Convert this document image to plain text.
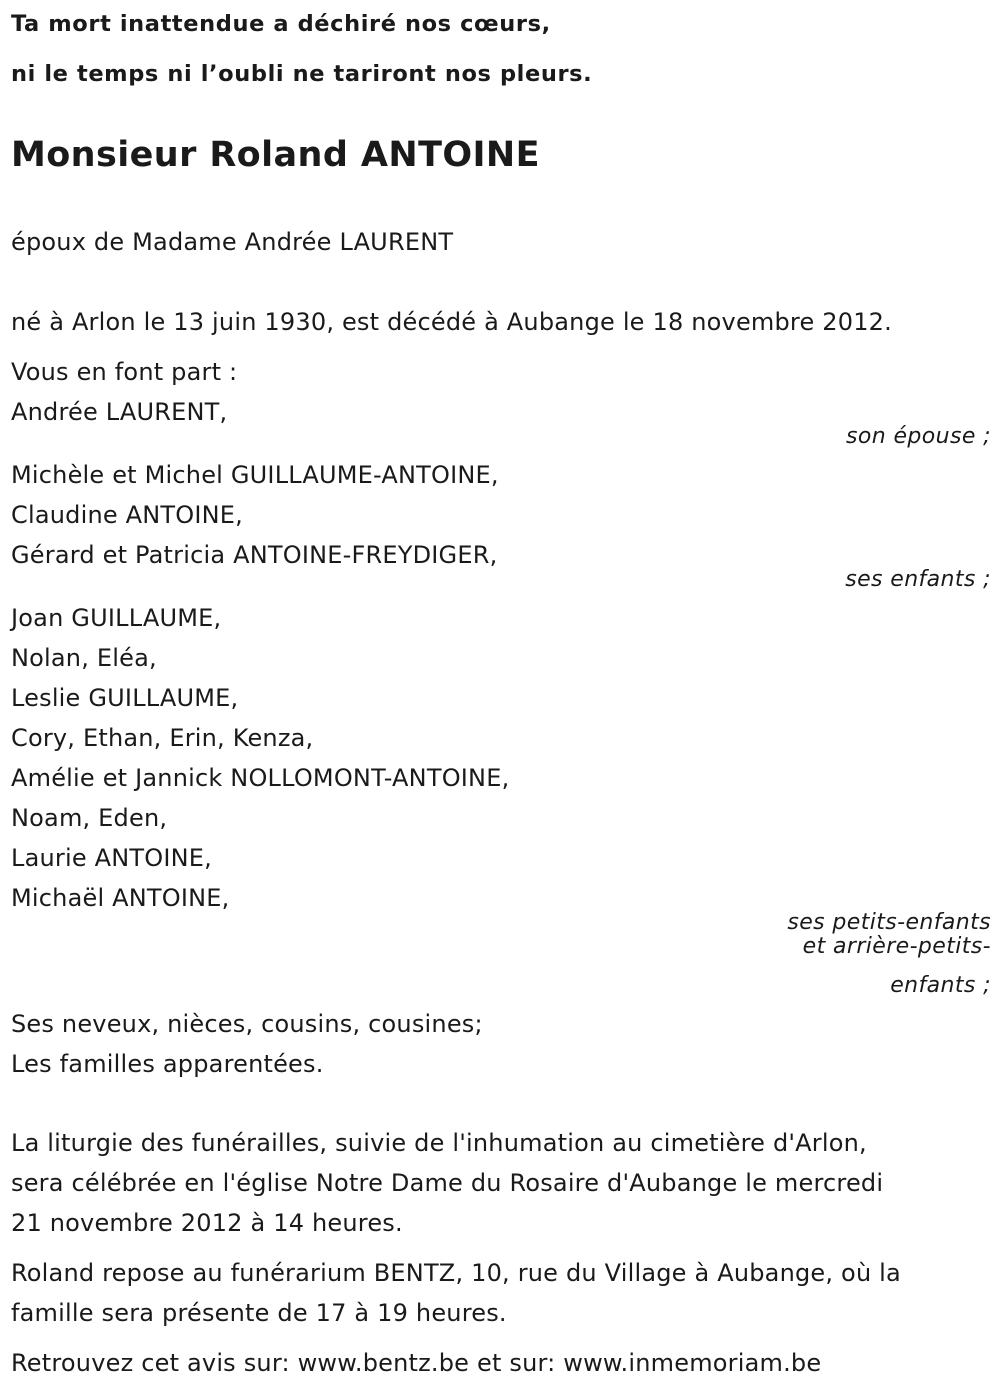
Ta mort inattendue a déchiré nos cœurs,
ni le temps ni l’oubli ne tariront nos pleurs.
Monsieur Roland ANTOINE
époux de Madame Andrée LAURENT
né à Arlon le 13 juin 1930, est décédé à Aubange le 18 novembre 2012.
Vous en font part :
Andrée LAURENT,
son épouse ;
Michèle et Michel GUILLAUME-ANTOINE,
Claudine ANTOINE,
Gérard et Patricia ANTOINE-FREYDIGER,
ses enfants ;
Joan GUILLAUME,
Nolan, Eléa,
Leslie GUILLAUME,
Cory, Ethan, Erin, Kenza,
Amélie et Jannick NOLLOMONT-ANTOINE,
Noam, Eden,
Laurie ANTOINE,
Michaël ANTOINE,
ses petits-enfants
et arrière-petits-
enfants ;
Ses neveux, nièces, cousins, cousines;
Les familles apparentées.
La liturgie des funérailles, suivie de l'inhumation au cimetière d'Arlon,
sera célébrée en l'église Notre Dame du Rosaire d'Aubange le mercredi
21 novembre 2012 à 14 heures.
Roland repose au funérarium BENTZ, 10, rue du Village à Aubange, où la
famille sera présente de 17 à 19 heures.
Retrouvez cet avis sur: www.bentz.be et sur: www.inmemoriam.be
